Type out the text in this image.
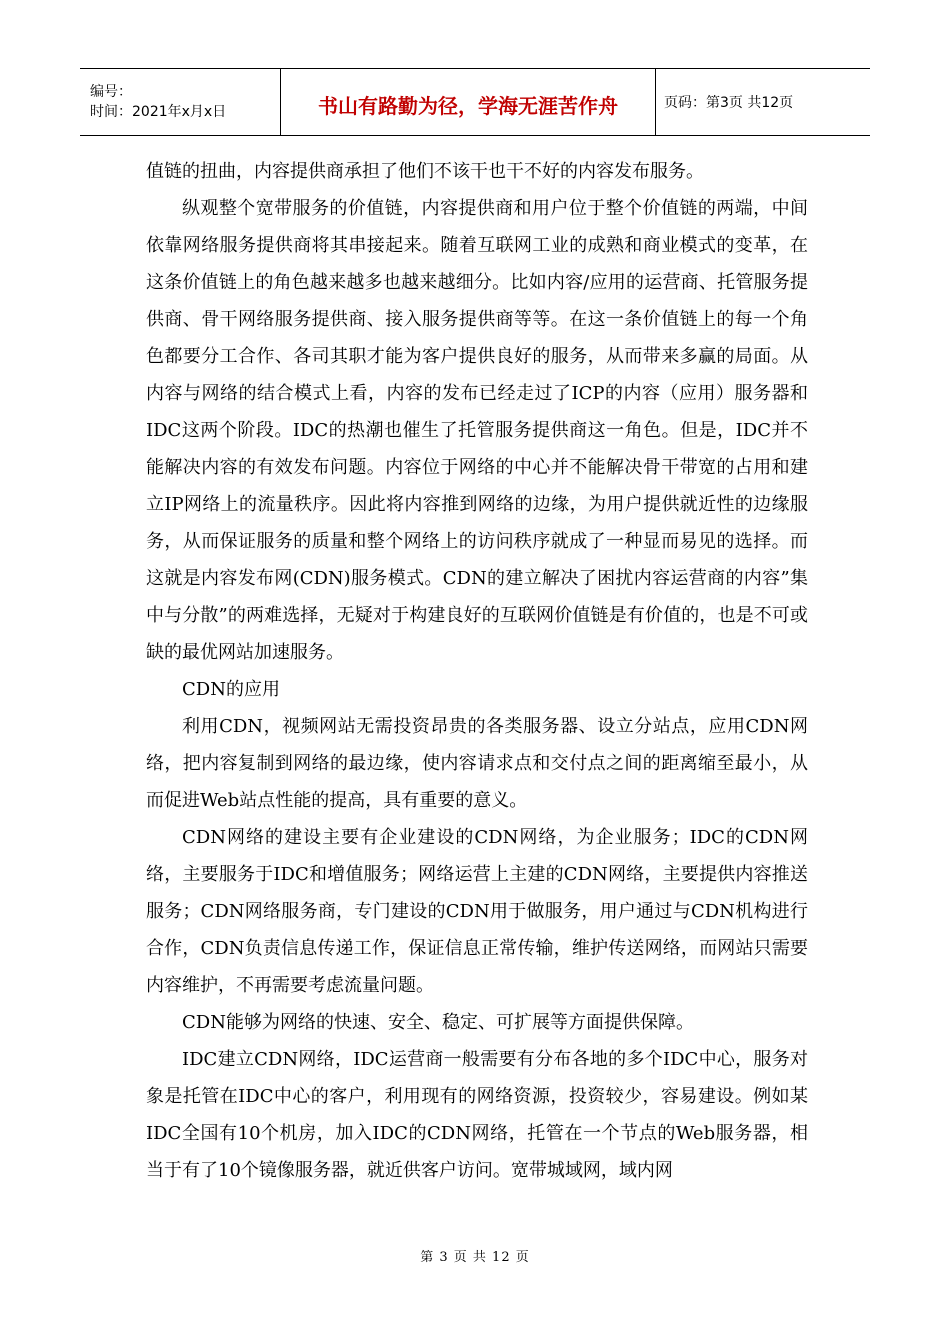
编号：
时间：2021年x月x日	书山有路勤为径，学海无涯苦作舟	页码：第3页 共12页

值链的扭曲，内容提供商承担了他们不该干也干不好的内容发布服务。

纵观整个宽带服务的价值链，内容提供商和用户位于整个价值链的两端，中间依靠网络服务提供商将其串接起来。随着互联网工业的成熟和商业模式的变革，在这条价值链上的角色越来越多也越来越细分。比如内容/应用的运营商、托管服务提供商、骨干网络服务提供商、接入服务提供商等等。在这一条价值链上的每一个角色都要分工合作、各司其职才能为客户提供良好的服务，从而带来多赢的局面。从内容与网络的结合模式上看，内容的发布已经走过了ICP的内容（应用）服务器和IDC这两个阶段。IDC的热潮也催生了托管服务提供商这一角色。但是，IDC并不能解决内容的有效发布问题。内容位于网络的中心并不能解决骨干带宽的占用和建立IP网络上的流量秩序。因此将内容推到网络的边缘，为用户提供就近性的边缘服务，从而保证服务的质量和整个网络上的访问秩序就成了一种显而易见的选择。而这就是内容发布网(CDN)服务模式。CDN的建立解决了困扰内容运营商的内容”集中与分散”的两难选择，无疑对于构建良好的互联网价值链是有价值的，也是不可或缺的最优网站加速服务。

CDN的应用

利用CDN，视频网站无需投资昂贵的各类服务器、设立分站点，应用CDN网络，把内容复制到网络的最边缘，使内容请求点和交付点之间的距离缩至最小，从而促进Web站点性能的提高，具有重要的意义。

CDN网络的建设主要有企业建设的CDN网络，为企业服务；IDC的CDN网络，主要服务于IDC和增值服务；网络运营上主建的CDN网络，主要提供内容推送服务；CDN网络服务商，专门建设的CDN用于做服务，用户通过与CDN机构进行合作，CDN负责信息传递工作，保证信息正常传输，维护传送网络，而网站只需要内容维护，不再需要考虑流量问题。

CDN能够为网络的快速、安全、稳定、可扩展等方面提供保障。

IDC建立CDN网络，IDC运营商一般需要有分布各地的多个IDC中心，服务对象是托管在IDC中心的客户，利用现有的网络资源，投资较少，容易建设。例如某IDC全国有10个机房，加入IDC的CDN网络，托管在一个节点的Web服务器，相当于有了10个镜像服务器，就近供客户访问。宽带城域网，域内网

第 3 页 共 12 页
